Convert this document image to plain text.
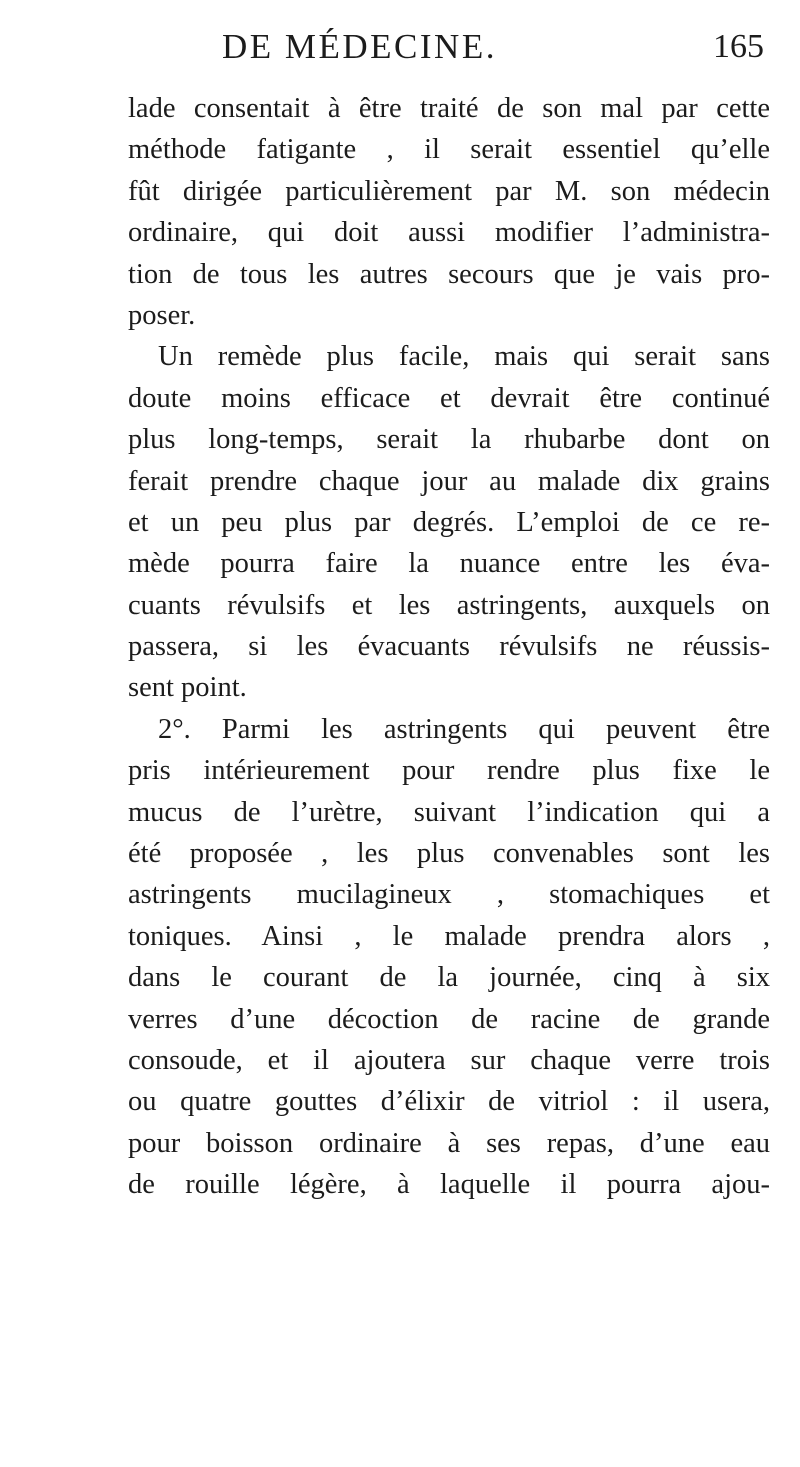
DE MÉDECINE.	165

lade consentait à être traité de son mal par cette
méthode fatigante , il serait essentiel qu’elle
fût dirigée particulièrement par M. son médecin
ordinaire, qui doit aussi modifier l’administra-
tion de tous les autres secours que je vais pro-
poser.

Un remède plus facile, mais qui serait sans
doute moins efficace et devrait être continué
plus long-temps, serait la rhubarbe dont on
ferait prendre chaque jour au malade dix grains
et un peu plus par degrés. L’emploi de ce re-
mède pourra faire la nuance entre les éva-
cuants révulsifs et les astringents, auxquels on
passera, si les évacuants révulsifs ne réussis-
sent point.

2°. Parmi les astringents qui peuvent être
pris intérieurement pour rendre plus fixe le
mucus de l’urètre, suivant l’indication qui a
été proposée , les plus convenables sont les
astringents mucilagineux , stomachiques et
toniques. Ainsi , le malade prendra alors ,
dans le courant de la journée, cinq à six
verres d’une décoction de racine de grande
consoude, et il ajoutera sur chaque verre trois
ou quatre gouttes d’élixir de vitriol : il usera,
pour boisson ordinaire à ses repas, d’une eau
de rouille légère, à laquelle il pourra ajou-
